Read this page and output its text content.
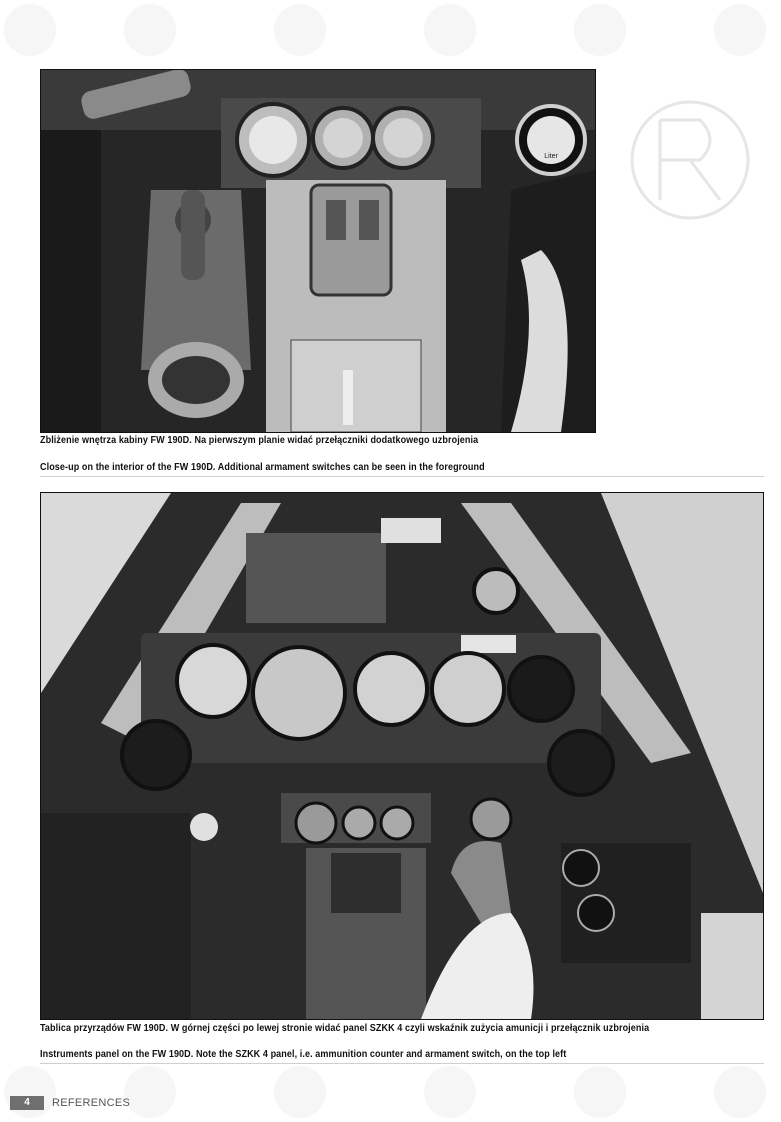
Liter
Zbliżenie wnętrza kabiny FW 190D. Na pierwszym planie widać przełączniki dodatkowego uzbrojenia
Close-up on the interior of the FW 190D. Additional armament switches can be seen in the foreground
Tablica przyrządów FW 190D. W górnej części po lewej stronie widać panel SZKK 4 czyli wskaźnik zużycia amunicji i przełącznik uzbrojenia
Instruments panel on the FW 190D. Note the SZKK 4 panel, i.e. ammunition counter and armament switch, on the top left
4	REFERENCES
